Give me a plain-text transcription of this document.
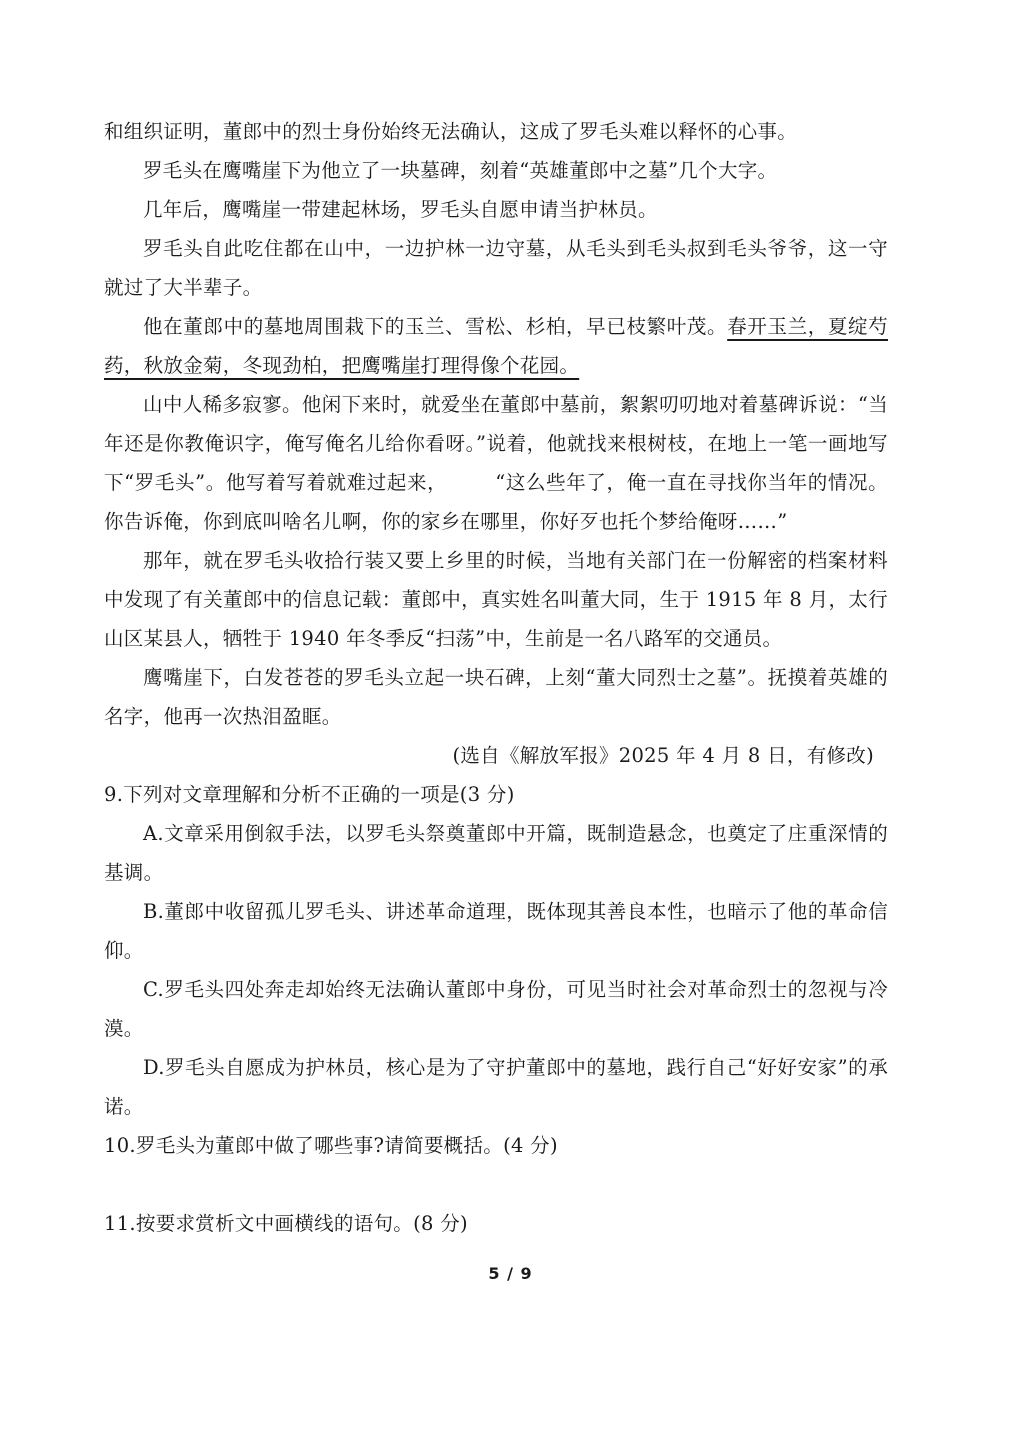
和组织证明，董郎中的烈士身份始终无法确认，这成了罗毛头难以释怀的心事。

罗毛头在鹰嘴崖下为他立了一块墓碑，刻着“英雄董郎中之墓”几个大字。

几年后，鹰嘴崖一带建起林场，罗毛头自愿申请当护林员。

罗毛头自此吃住都在山中，一边护林一边守墓，从毛头到毛头叔到毛头爷爷，这一守就过了大半辈子。

他在董郎中的墓地周围栽下的玉兰、雪松、杉柏，早已枝繁叶茂。春开玉兰，夏绽芍药，秋放金菊，冬现劲柏，把鹰嘴崖打理得像个花园。

山中人稀多寂寥。他闲下来时，就爱坐在董郎中墓前，絮絮叨叨地对着墓碑诉说：“当年还是你教俺识字，俺写俺名儿给你看呀。”说着，他就找来根树枝，在地上一笔一画地写下“罗毛头”。他写着写着就难过起来， “这么些年了，俺一直在寻找你当年的情况。你告诉俺，你到底叫啥名儿啊，你的家乡在哪里，你好歹也托个梦给俺呀……”

那年，就在罗毛头收拾行装又要上乡里的时候，当地有关部门在一份解密的档案材料中发现了有关董郎中的信息记载：董郎中，真实姓名叫董大同，生于 1915 年 8 月，太行山区某县人，牺牲于 1940 年冬季反“扫荡”中，生前是一名八路军的交通员。

鹰嘴崖下，白发苍苍的罗毛头立起一块石碑，上刻“董大同烈士之墓”。抚摸着英雄的名字，他再一次热泪盈眶。

(选自《解放军报》2025 年 4 月 8 日，有修改)

9.下列对文章理解和分析不正确的一项是(3 分)

A.文章采用倒叙手法，以罗毛头祭奠董郎中开篇，既制造悬念，也奠定了庄重深情的基调。

B.董郎中收留孤儿罗毛头、讲述革命道理，既体现其善良本性，也暗示了他的革命信仰。

C.罗毛头四处奔走却始终无法确认董郎中身份，可见当时社会对革命烈士的忽视与冷漠。

D.罗毛头自愿成为护林员，核心是为了守护董郎中的墓地，践行自己“好好安家”的承诺。

10.罗毛头为董郎中做了哪些事?请简要概括。(4 分)

11.按要求赏析文中画横线的语句。(8 分)

5 / 9
